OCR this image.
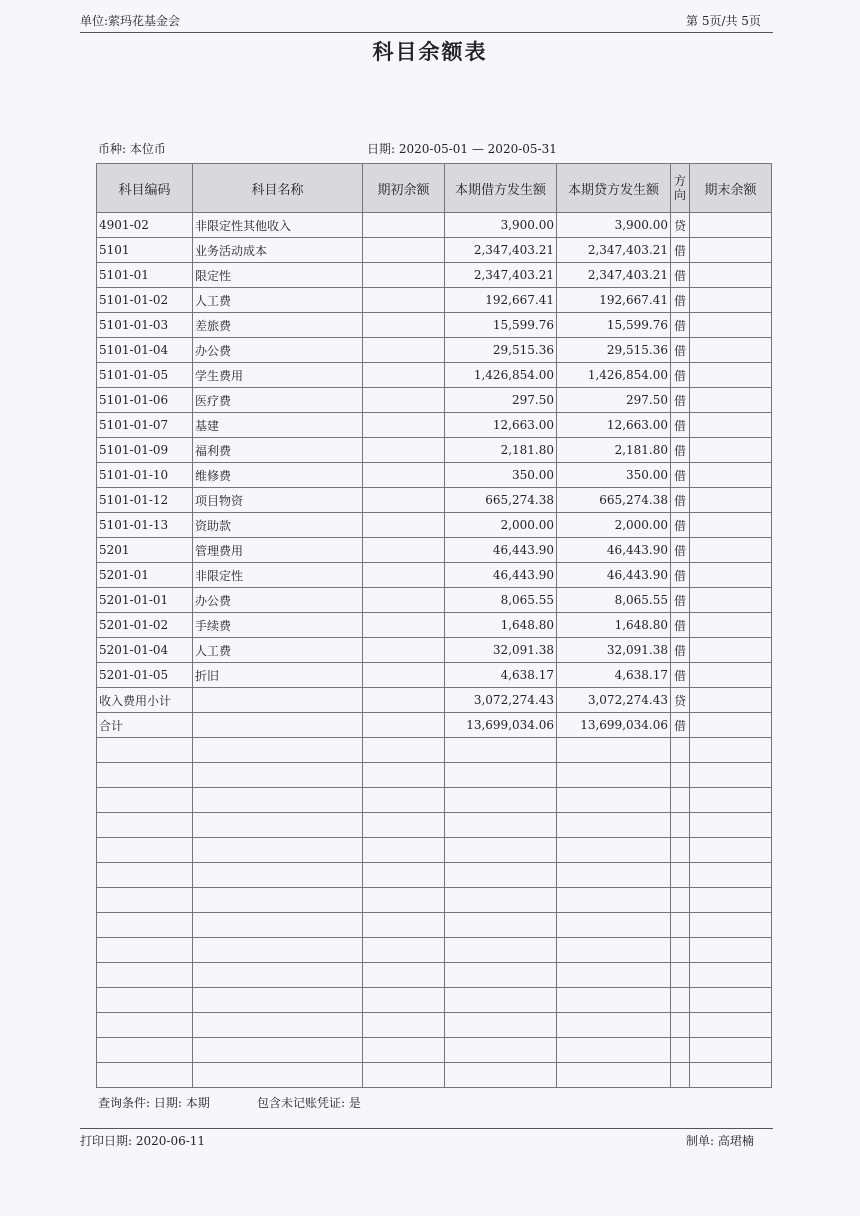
单位:萦玛花基金会	第 5页/共 5页
科目余额表
币种: 本位币	日期: 2020-05-01 — 2020-05-31
科目编码	科目名称	期初余额	本期借方发生额	本期贷方发生额	方向	期末余额
4901-02	非限定性其他收入		3,900.00	3,900.00	贷	
5101	业务活动成本		2,347,403.21	2,347,403.21	借	
5101-01	限定性		2,347,403.21	2,347,403.21	借	
5101-01-02	人工费		192,667.41	192,667.41	借	
5101-01-03	差旅费		15,599.76	15,599.76	借	
5101-01-04	办公费		29,515.36	29,515.36	借	
5101-01-05	学生费用		1,426,854.00	1,426,854.00	借	
5101-01-06	医疗费		297.50	297.50	借	
5101-01-07	基建		12,663.00	12,663.00	借	
5101-01-09	福利费		2,181.80	2,181.80	借	
5101-01-10	维修费		350.00	350.00	借	
5101-01-12	项目物资		665,274.38	665,274.38	借	
5101-01-13	资助款		2,000.00	2,000.00	借	
5201	管理费用		46,443.90	46,443.90	借	
5201-01	非限定性		46,443.90	46,443.90	借	
5201-01-01	办公费		8,065.55	8,065.55	借	
5201-01-02	手续费		1,648.80	1,648.80	借	
5201-01-04	人工费		32,091.38	32,091.38	借	
5201-01-05	折旧		4,638.17	4,638.17	借	
收入费用小计			3,072,274.43	3,072,274.43	贷	
合计			13,699,034.06	13,699,034.06	借	

查询条件: 日期: 本期	包含未记账凭证: 是
打印日期: 2020-06-11	制单: 高珺楠
